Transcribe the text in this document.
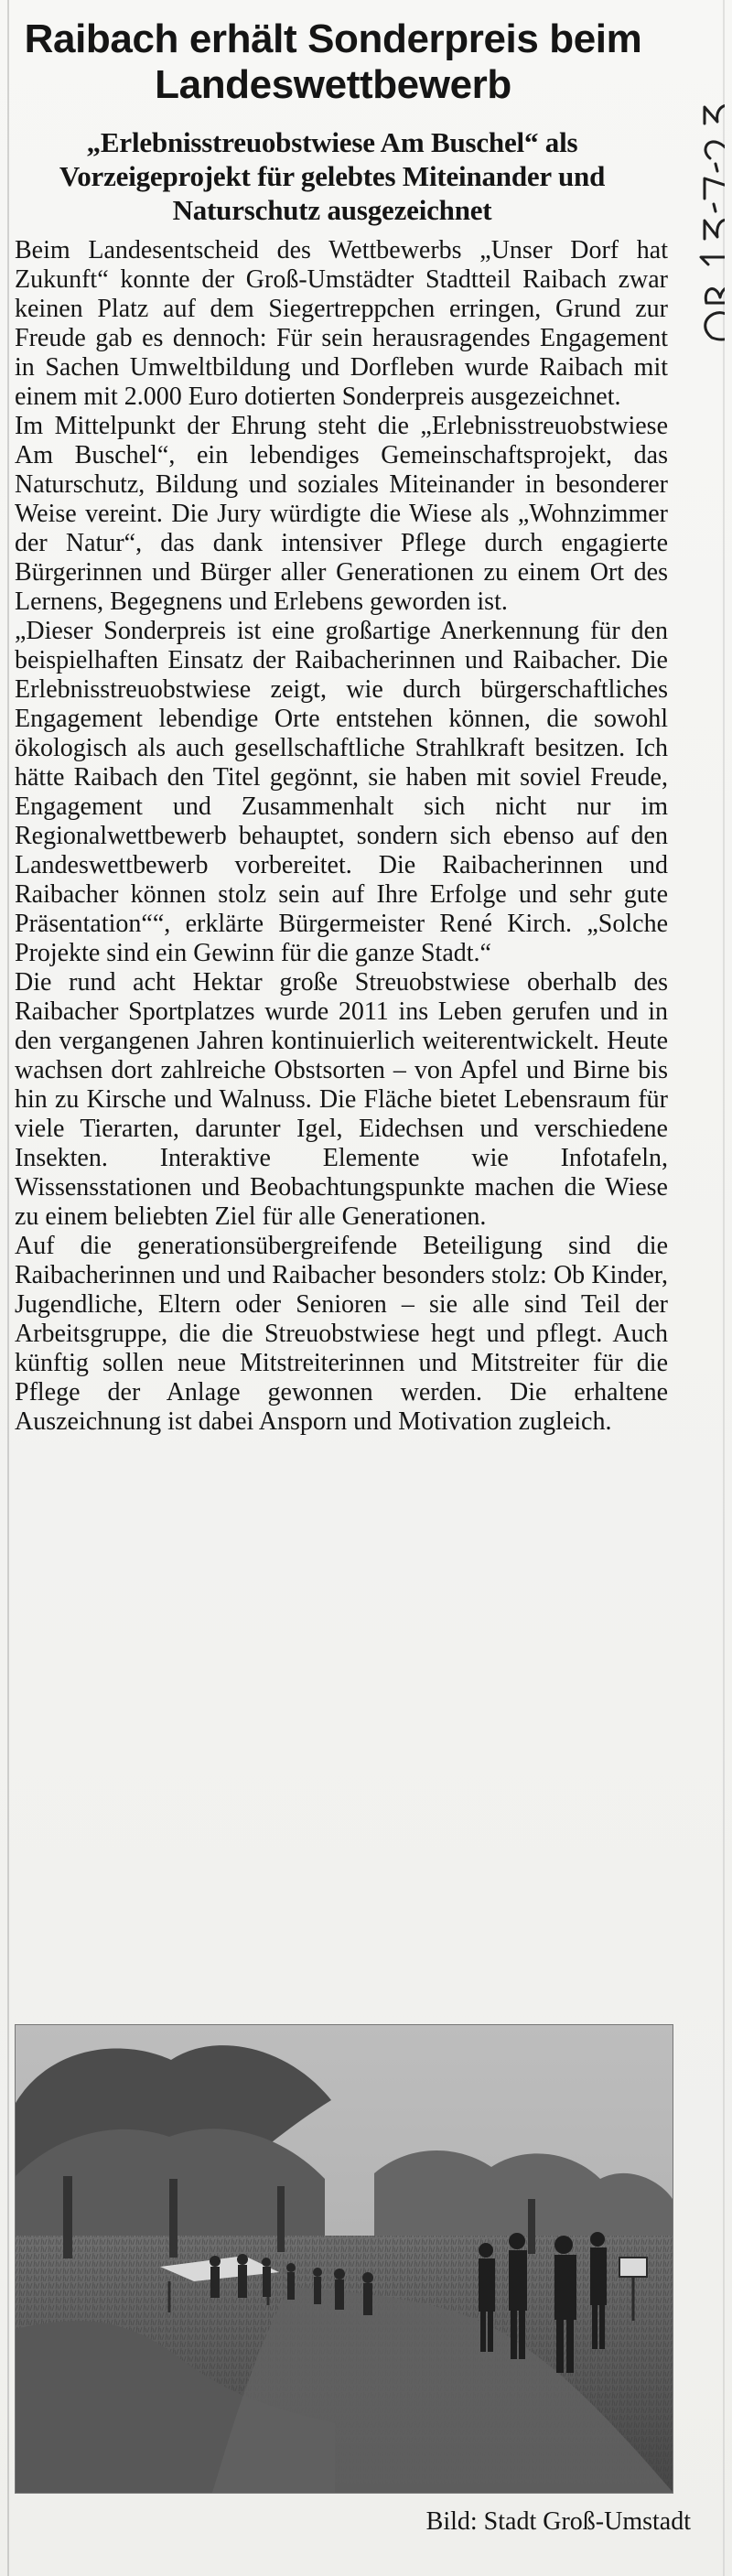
Raibach erhält Sonderpreis beim Landeswettbewerb
„Erlebnisstreuobstwiese Am Buschel“ als Vorzeigeprojekt für gelebtes Miteinander und Naturschutz ausgezeichnet

Beim Landesentscheid des Wettbewerbs „Unser Dorf hat Zukunft“ konnte der Groß-Umstädter Stadtteil Raibach zwar keinen Platz auf dem Siegertreppchen erringen, Grund zur Freude gab es dennoch: Für sein herausragendes Engagement in Sachen Umweltbildung und Dorfleben wurde Raibach mit einem mit 2.000 Euro dotierten Sonderpreis ausgezeichnet.

Im Mittelpunkt der Ehrung steht die „Erlebnisstreuobstwiese Am Buschel“, ein lebendiges Gemeinschaftsprojekt, das Naturschutz, Bildung und soziales Miteinander in besonderer Weise vereint. Die Jury würdigte die Wiese als „Wohnzimmer der Natur“, das dank intensiver Pflege durch engagierte Bürgerinnen und Bürger aller Generationen zu einem Ort des Lernens, Begegnens und Erlebens geworden ist.

„Dieser Sonderpreis ist eine großartige Anerkennung für den beispielhaften Einsatz der Raibacherinnen und Raibacher. Die Erlebnisstreuobstwiese zeigt, wie durch bürgerschaftliches Engagement lebendige Orte entstehen können, die sowohl ökologisch als auch gesellschaftliche Strahlkraft besitzen. Ich hätte Raibach den Titel gegönnt, sie haben mit soviel Freude, Engagement und Zusammenhalt sich nicht nur im Regionalwettbewerb behauptet, sondern sich ebenso auf den Landeswettbewerb vorbereitet. Die Raibacherinnen und Raibacher können stolz sein auf Ihre Erfolge und sehr gute Präsentation““, erklärte Bürgermeister René Kirch. „Solche Projekte sind ein Gewinn für die ganze Stadt.“

Die rund acht Hektar große Streuobstwiese oberhalb des Raibacher Sportplatzes wurde 2011 ins Leben gerufen und in den vergangenen Jahren kontinuierlich weiterentwickelt. Heute wachsen dort zahlreiche Obstsorten – von Apfel und Birne bis hin zu Kirsche und Walnuss. Die Fläche bietet Lebensraum für viele Tierarten, darunter Igel, Eidechsen und verschiedene Insekten. Interaktive Elemente wie Infotafeln, Wissensstationen und Beobachtungspunkte machen die Wiese zu einem beliebten Ziel für alle Generationen.

Auf die generationsübergreifende Beteiligung sind die Raibacherinnen und und Raibacher besonders stolz: Ob Kinder, Jugendliche, Eltern oder Senioren – sie alle sind Teil der Arbeitsgruppe, die die Streuobstwiese hegt und pflegt. Auch künftig sollen neue Mitstreiterinnen und Mitstreiter für die Pflege der Anlage gewonnen werden. Die erhaltene Auszeichnung ist dabei Ansporn und Motivation zugleich.

Bild: Stadt Groß-Umstadt
